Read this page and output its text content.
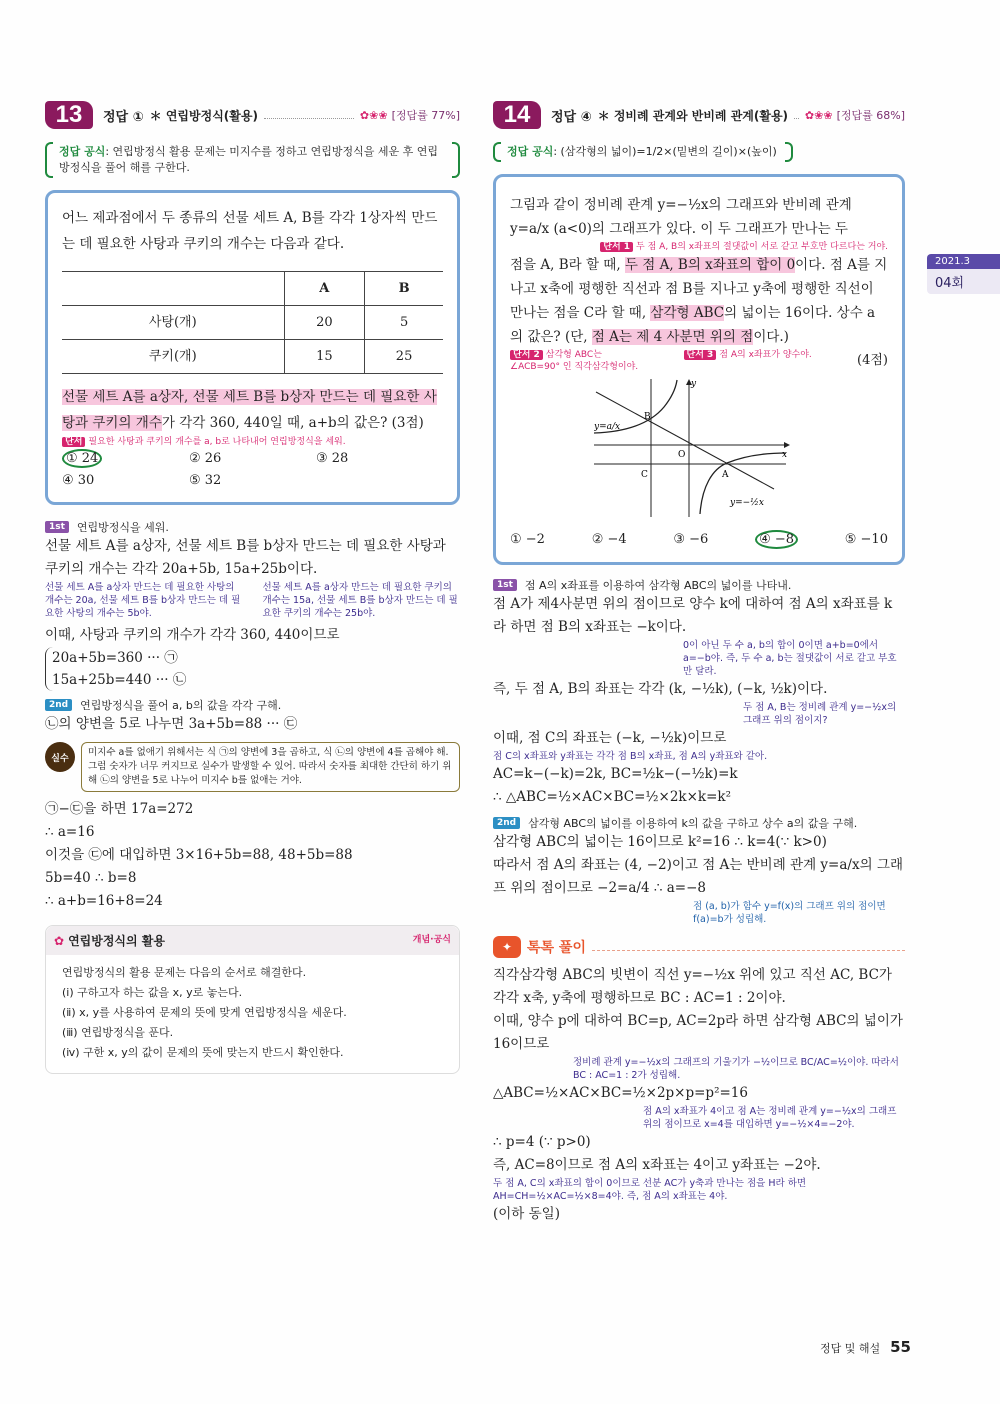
2021.3
04회
13	정답 ① ＊ 연립방정식(활용)	✿❀❀ [정답률 77%]
정답 공식: 연립방정식 활용 문제는 미지수를 정하고 연립방정식을 세운 후 연립방정식을 풀어 해를 구한다.
어느 제과점에서 두 종류의 선물 세트 A, B를 각각 1상자씩 만드는 데 필요한 사탕과 쿠키의 개수는 다음과 같다.
	A	B
사탕(개)	20	5
쿠키(개)	15	25
선물 세트 A를 a상자, 선물 세트 B를 b상자 만드는 데 필요한 사탕과 쿠키의 개수가 각각 360, 440일 때, a+b의 값은? (3점)
단서 필요한 사탕과 쿠키의 개수를 a, b로 나타내어 연립방정식을 세워.
① 24	② 26	③ 28
④ 30	⑤ 32
1st	연립방정식을 세워.
선물 세트 A를 a상자, 선물 세트 B를 b상자 만드는 데 필요한 사탕과 쿠키의 개수는 각각 20a+5b, 15a+25b이다.
선물 세트 A를 a상자 만드는 데 필요한 사탕의 개수는 20a, 선물 세트 B를 b상자 만드는 데 필요한 사탕의 개수는 5b야.
선물 세트 A를 a상자 만드는 데 필요한 쿠키의 개수는 15a, 선물 세트 B를 b상자 만드는 데 필요한 쿠키의 개수는 25b야.
이때, 사탕과 쿠키의 개수가 각각 360, 440이므로
20a+5b=360 ··· ㉠
15a+25b=440 ··· ㉡
2nd	연립방정식을 풀어 a, b의 값을 각각 구해.
㉡의 양변을 5로 나누면 3a+5b=88 ··· ㉢
실수
미지수 a를 없애기 위해서는 식 ㉠의 양변에 3을 곱하고, 식 ㉡의 양변에 4를 곱해야 해. 그럼 숫자가 너무 커지므로 실수가 발생할 수 있어. 따라서 숫자를 최대한 간단히 하기 위해 ㉡의 양변을 5로 나누어 미지수 b를 없애는 거야.
㉠−㉢을 하면 17a=272
∴ a=16
이것을 ㉢에 대입하면 3×16+5b=88, 48+5b=88
5b=40 ∴ b=8
∴ a+b=16+8=24
✿ 연립방정식의 활용	개념·공식
연립방정식의 활용 문제는 다음의 순서로 해결한다.
(ⅰ) 구하고자 하는 값을 x, y로 놓는다.
(ⅱ) x, y를 사용하여 문제의 뜻에 맞게 연립방정식을 세운다.
(ⅲ) 연립방정식을 푼다.
(ⅳ) 구한 x, y의 값이 문제의 뜻에 맞는지 반드시 확인한다.
14	정답 ④ ＊ 정비례 관계와 반비례 관계(활용) ✿❀❀ [정답률 68%]
정답 공식: (삼각형의 넓이)=1/2×(밑변의 길이)×(높이)
그림과 같이 정비례 관계 y=−½x의 그래프와 반비례 관계
y=a/x (a<0)의 그래프가 있다. 이 두 그래프가 만나는 두
단서 1 두 점 A, B의 x좌표의 절댓값이 서로 같고 부호만 다르다는 거야.
점을 A, B라 할 때, 두 점 A, B의 x좌표의 합이 0이다. 점 A를 지나고 x축에 평행한 직선과 점 B를 지나고 y축에 평행한 직선이 만나는 점을 C라 할 때, 삼각형 ABC의 넓이는 16이다. 상수 a의 값은? (단, 점 A는 제 4 사분면 위의 점이다.)
단서 2 삼각형 ABC는 ∠ACB=90° 인 직각삼각형이야.
단서 3 점 A의 x좌표가 양수야.	(4점)
y
x
O
B
C	A
y=a/x
y=−½x
① −2	② −4	③ −6	④ −8	⑤ −10
1st	점 A의 x좌표를 이용하여 삼각형 ABC의 넓이를 나타내.
점 A가 제4사분면 위의 점이므로 양수 k에 대하여 점 A의 x좌표를 k라 하면 점 B의 x좌표는 −k이다.
0이 아닌 두 수 a, b의 합이 0이면 a+b=0에서 a=−b야. 즉, 두 수 a, b는 절댓값이 서로 같고 부호만 달라.
즉, 두 점 A, B의 좌표는 각각 (k, −½k), (−k, ½k)이다.
두 점 A, B는 정비례 관계 y=−½x의 그래프 위의 점이지?
이때, 점 C의 좌표는 (−k, −½k)이므로
점 C의 x좌표와 y좌표는 각각 점 B의 x좌표, 점 A의 y좌표와 같아.
AC=k−(−k)=2k, BC=½k−(−½k)=k
∴ △ABC=½×AC×BC=½×2k×k=k²
2nd	삼각형 ABC의 넓이를 이용하여 k의 값을 구하고 상수 a의 값을 구해.
삼각형 ABC의 넓이는 16이므로 k²=16 ∴ k=4(∵ k>0)
따라서 점 A의 좌표는 (4, −2)이고 점 A는 반비례 관계 y=a/x의 그래프 위의 점이므로 −2=a/4 ∴ a=−8
점 (a, b)가 함수 y=f(x)의 그래프 위의 점이면 f(a)=b가 성립해.
✦	톡톡 풀이
직각삼각형 ABC의 빗변이 직선 y=−½x 위에 있고 직선 AC, BC가 각각 x축, y축에 평행하므로 BC : AC=1 : 2이야.
이때, 양수 p에 대하여 BC=p, AC=2p라 하면 삼각형 ABC의 넓이가 16이므로
정비례 관계 y=−½x의 그래프의 기울기가 −½이므로 BC/AC=½이야. 따라서 BC : AC=1 : 2가 성립해.
△ABC=½×AC×BC=½×2p×p=p²=16
점 A의 x좌표가 4이고 점 A는 정비례 관계 y=−½x의 그래프 위의 점이므로 x=4를 대입하면 y=−½×4=−2야.
∴ p=4 (∵ p>0)
즉, AC=8이므로 점 A의 x좌표는 4이고 y좌표는 −2야.
두 점 A, C의 x좌표의 합이 0이므로 선분 AC가 y축과 만나는 점을 H라 하면 AH=CH=½×AC=½×8=4야. 즉, 점 A의 x좌표는 4야.
(이하 동일)
정답 및 해설 55
